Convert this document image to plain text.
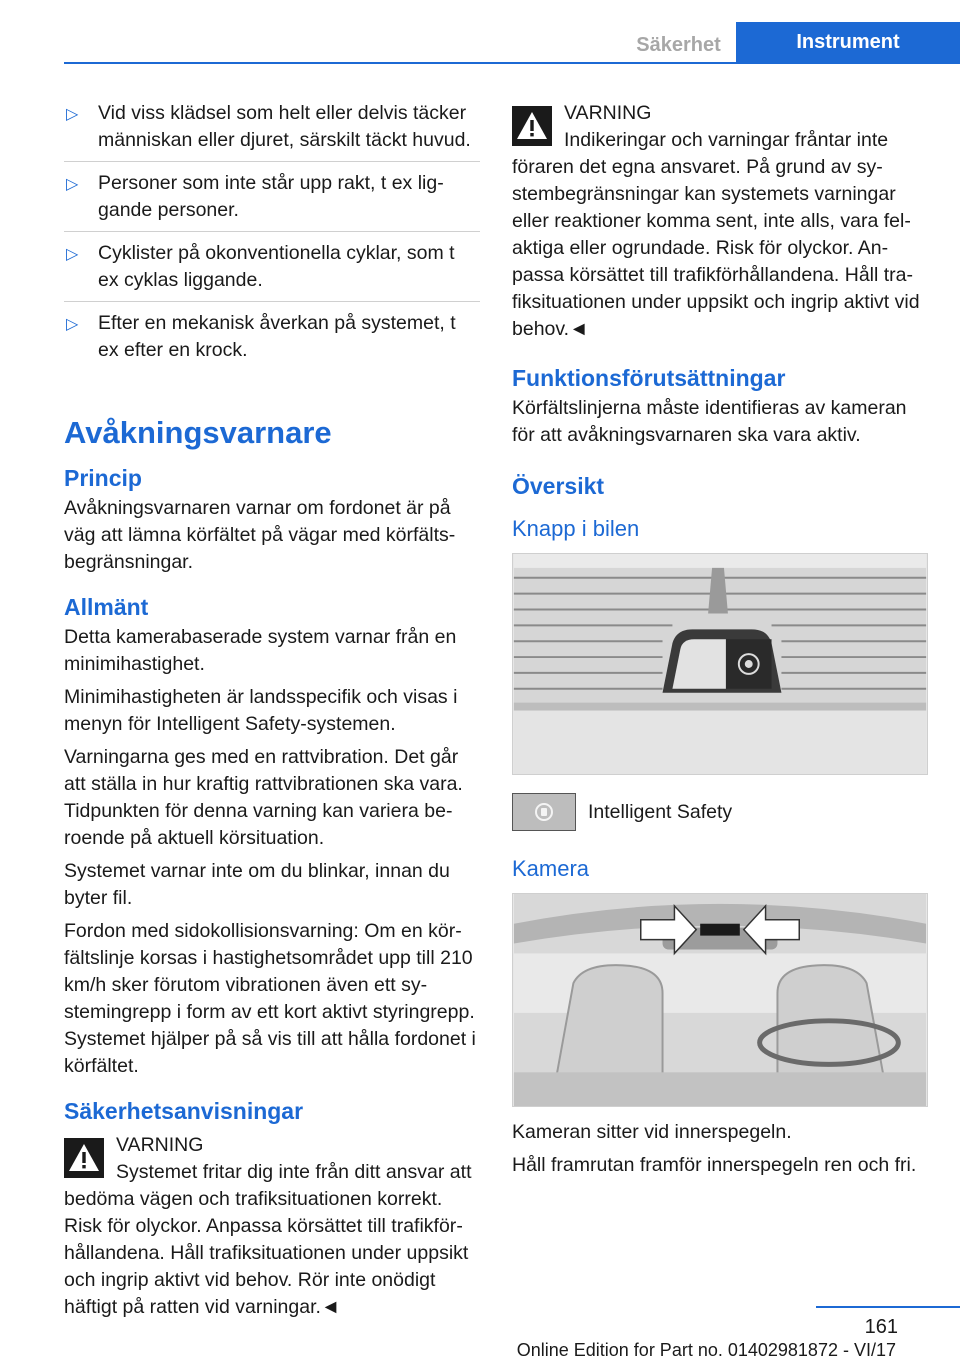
Säkerhet	Instrument
▷ Vid viss klädsel som helt eller delvis täcker människan eller djuret, särskilt täckt huvud.
▷ Personer som inte står upp rakt, t ex liggande personer.
▷ Cyklister på okonventionella cyklar, som t ex cyklas liggande.
▷ Efter en mekanisk åverkan på systemet, t ex efter en krock.
Avåkningsvarnare
Princip

Avåkningsvarnaren varnar om fordonet är på väg att lämna körfältet på vägar med körfältsbegränsningar.

Allmänt

Detta kamerabaserade system varnar från en minimihastighet.

Minimihastigheten är landsspecifik och visas i menyn för Intelligent Safety-systemen.

Varningarna ges med en rattvibration. Det går att ställa in hur kraftig rattvibrationen ska vara. Tidpunkten för denna varning kan variera beroende på aktuell körsituation.

Systemet varnar inte om du blinkar, innan du byter fil.

Fordon med sidokollisionsvarning: Om en körfältslinje korsas i hastighetsområdet upp till 210 km/h sker förutom vibrationen även ett systemingrepp i form av ett kort aktivt styringrepp. Systemet hjälper på så vis till att hålla fordonet i körfältet.

Säkerhetsanvisningar
VARNING
Systemet fritar dig inte från ditt ansvar att bedöma vägen och trafiksituationen korrekt. Risk för olyckor. Anpassa körsättet till trafikförhållandena. Håll trafiksituationen under uppsikt och ingrip aktivt vid behov. Rör inte onödigt häftigt på ratten vid varningar.◄
VARNING
Indikeringar och varningar fråntar inte föraren det egna ansvaret. På grund av systembegränsningar kan systemets varningar eller reaktioner komma sent, inte alls, vara felaktiga eller ogrundade. Risk för olyckor. Anpassa körsättet till trafikförhållandena. Håll trafiksituationen under uppsikt och ingrip aktivt vid behov.◄
Funktionsförutsättningar

Körfältslinjerna måste identifieras av kameran för att avåkningsvarnaren ska vara aktiv.

Översikt
Knapp i bilen
Intelligent Safety
Kamera

Kameran sitter vid innerspegeln.

Håll framrutan framför innerspegeln ren och fri.

161
Online Edition for Part no. 01402981872 - VI/17
